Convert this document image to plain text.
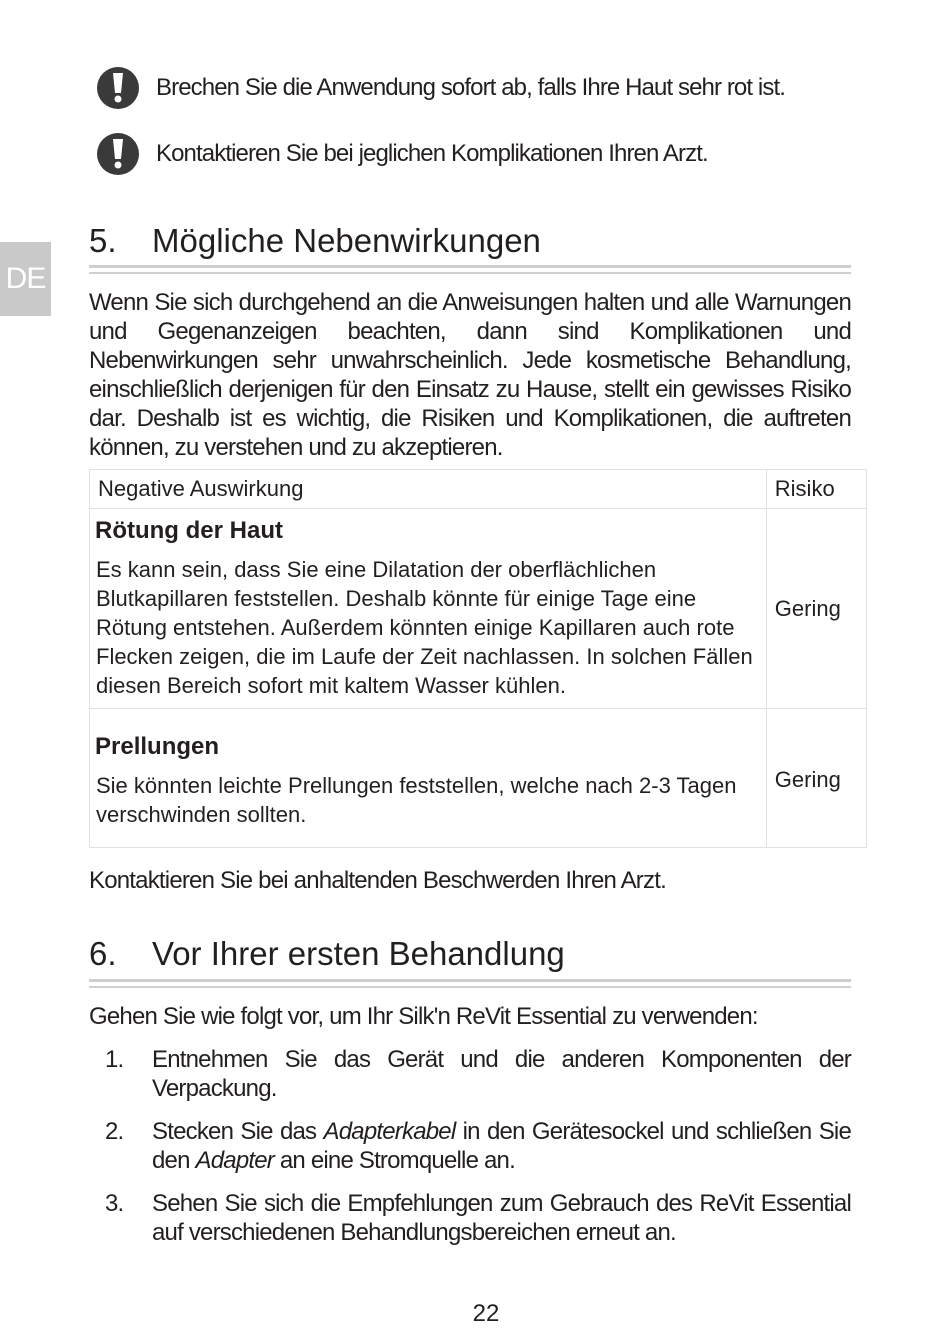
Brechen Sie die Anwendung sofort ab, falls Ihre Haut sehr rot ist.
Kontaktieren Sie bei jeglichen Komplikationen Ihren Arzt.
DE
5.	Mögliche Nebenwirkungen
Wenn Sie sich durchgehend an die Anweisungen halten und alle Warnungen und Gegenanzeigen beachten, dann sind Komplikationen und Nebenwirkungen sehr unwahrscheinlich. Jede kosmetische Behandlung, einschließlich derjenigen für den Einsatz zu Hause, stellt ein gewisses Risiko dar. Deshalb ist es wichtig, die Risiken und Komplikationen, die auftreten können, zu verstehen und zu akzeptieren.
Negative Auswirkung	Risiko

Rötung der Haut
Es kann sein, dass Sie eine Dilatation der oberflächlichen Blutkapillaren feststellen. Deshalb könnte für einige Tage eine Rötung entstehen. Außerdem könnten einige Kapillaren auch rote Flecken zeigen, die im Laufe der Zeit nachlassen. In solchen Fällen diesen Bereich sofort mit kaltem Wasser kühlen.	Gering

Prellungen
Sie könnten leichte Prellungen feststellen, welche nach 2-3 Tagen verschwinden sollten.	Gering
Kontaktieren Sie bei anhaltenden Beschwerden Ihren Arzt.
6.	Vor Ihrer ersten Behandlung
Gehen Sie wie folgt vor, um Ihr Silk'n ReVit Essential zu verwenden:
1.	Entnehmen Sie das Gerät und die anderen Komponenten der Verpackung.
2.	Stecken Sie das Adapterkabel in den Gerätesockel und schließen Sie den Adapter an eine Stromquelle an.
3.	Sehen Sie sich die Empfehlungen zum Gebrauch des ReVit Essential auf verschiedenen Behandlungsbereichen erneut an.
22
